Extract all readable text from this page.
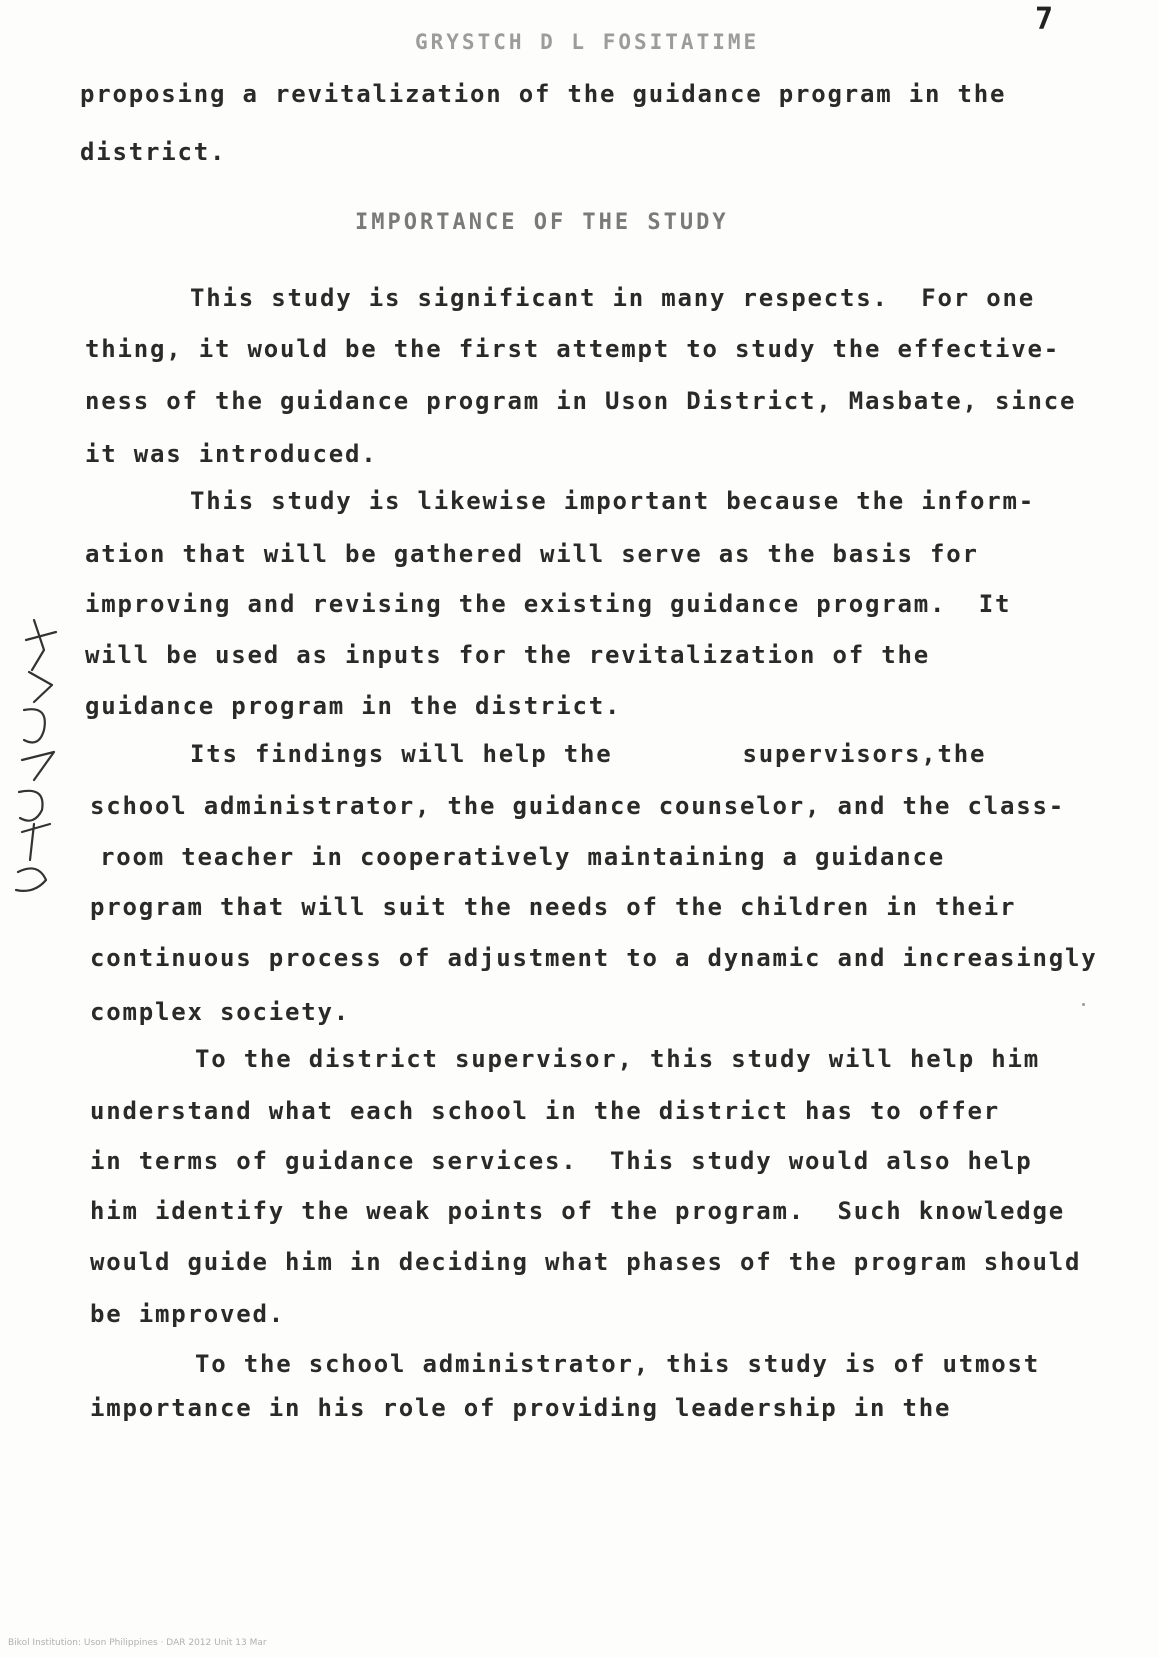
7
GRYSTCH D L FOSITATIME
proposing a revitalization of the guidance program in the
district.
IMPORTANCE OF THE STUDY
This study is significant in many respects.  For one
thing, it would be the first attempt to study the effective-
ness of the guidance program in Uson District, Masbate, since
it was introduced.
This study is likewise important because the inform-
ation that will be gathered will serve as the basis for
improving and revising the existing guidance program.  It
will be used as inputs for the revitalization of the
guidance program in the district.
Its findings will help the        supervisors,the
school administrator, the guidance counselor, and the class-
room teacher in cooperatively maintaining a guidance
program that will suit the needs of the children in their
continuous process of adjustment to a dynamic and increasingly
complex society.
To the district supervisor, this study will help him
understand what each school in the district has to offer
in terms of guidance services.  This study would also help
him identify the weak points of the program.  Such knowledge
would guide him in deciding what phases of the program should
be improved.
To the school administrator, this study is of utmost
importance in his role of providing leadership in the
Bikol Institution: Uson Philippines · DAR 2012 Unit 13 Mar
